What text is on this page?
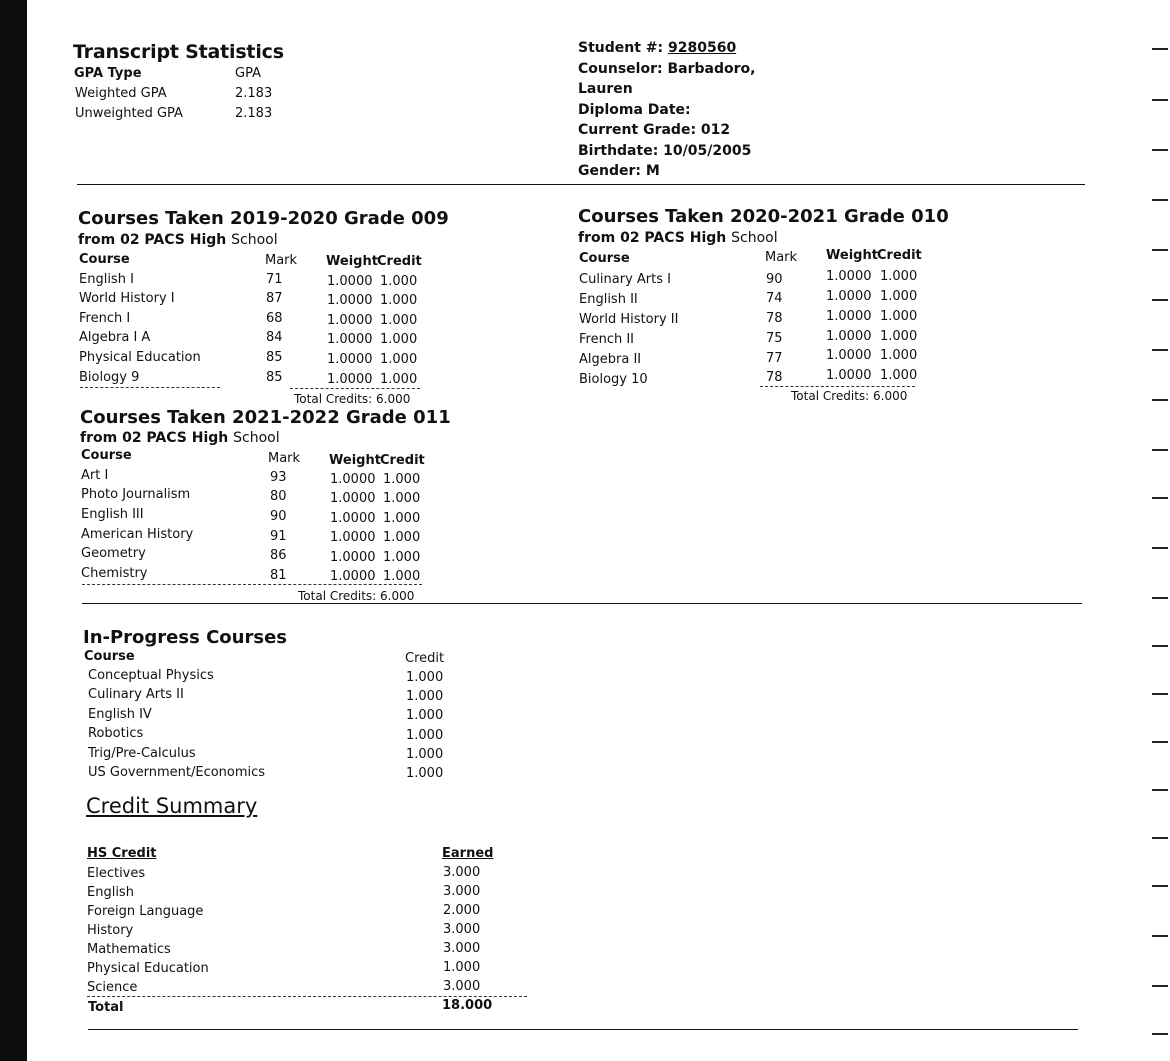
Transcript Statistics
GPA Type	GPA
Weighted GPA	2.183
Unweighted GPA	2.183
Student #: 9280560
Counselor: Barbadoro,
Lauren
Diploma Date:
Current Grade: 012
Birthdate: 10/05/2005
Gender: M
Courses Taken 2019-2020 Grade 009
from 02 PACS High School
Course	Mark Weight Credit
English I	71	1.0000 1.000
World History I	87	1.0000 1.000
French I	68	1.0000 1.000
Algebra I A	84	1.0000 1.000
Physical Education	85	1.0000 1.000
Biology 9	85	1.0000 1.000
Total Credits: 6.000
Courses Taken 2020-2021 Grade 010
from 02 PACS High School
Course	Mark Weight Credit
Culinary Arts I	90	1.0000 1.000
English II	74	1.0000 1.000
World History II	78	1.0000 1.000
French II	75	1.0000 1.000
Algebra II	77	1.0000 1.000
Biology 10	78	1.0000 1.000
Total Credits: 6.000
Courses Taken 2021-2022 Grade 011
from 02 PACS High School
Course	Mark Weight Credit
Art I	93	1.0000 1.000
Photo Journalism	80	1.0000 1.000
English III	90	1.0000 1.000
American History	91	1.0000 1.000
Geometry	86	1.0000 1.000
Chemistry	81	1.0000 1.000
Total Credits: 6.000
In-Progress Courses
Course	Credit
Conceptual Physics	1.000
Culinary Arts II	1.000
English IV	1.000
Robotics	1.000
Trig/Pre-Calculus	1.000
US Government/Economics	1.000
Credit Summary
HS Credit	Earned
Electives	3.000
English	3.000
Foreign Language	2.000
History	3.000
Mathematics	3.000
Physical Education	1.000
Science	3.000
Total	18.000
